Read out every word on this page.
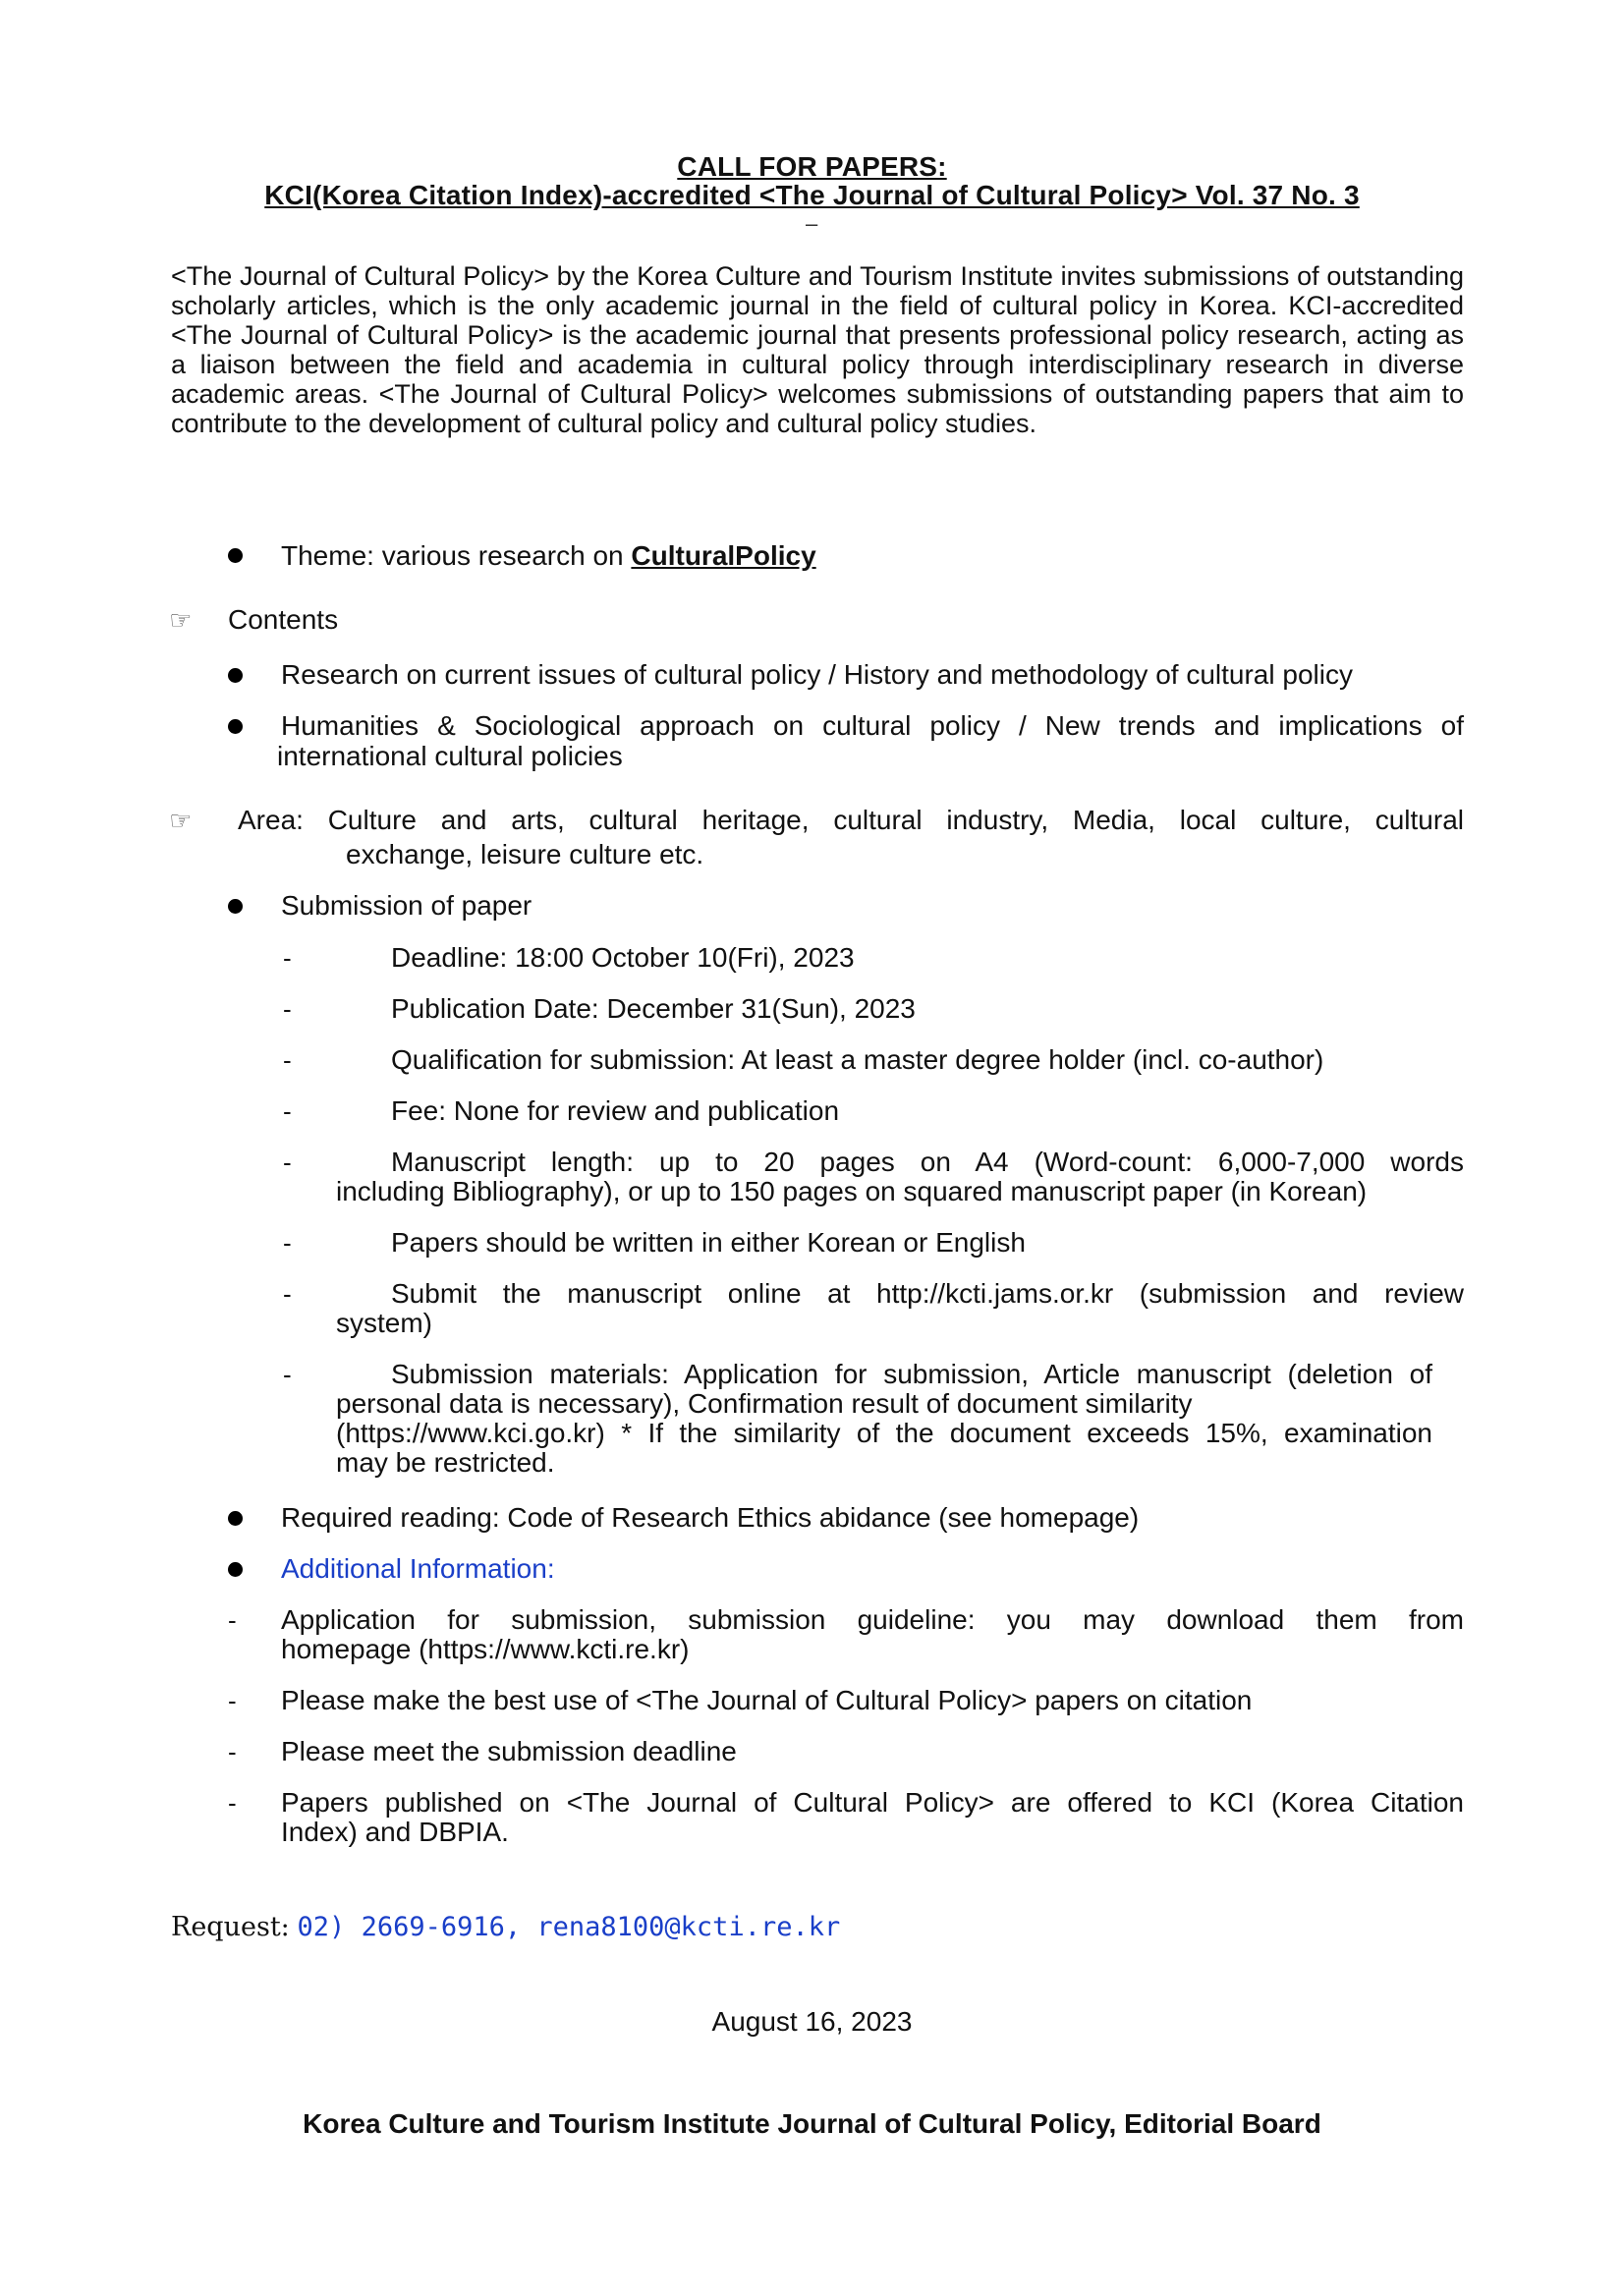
CALL FOR PAPERS:
KCI(Korea Citation Index)-accredited <The Journal of Cultural Policy> Vol. 37 No. 3
–
<The Journal of Cultural Policy> by the Korea Culture and Tourism Institute invites submissions of outstanding scholarly articles, which is the only academic journal in the field of cultural policy in Korea. KCI-accredited <The Journal of Cultural Policy> is the academic journal that presents professional policy research, acting as a liaison between the field and academia in cultural policy through interdisciplinary research in diverse academic areas. <The Journal of Cultural Policy> welcomes submissions of outstanding papers that aim to contribute to the development of cultural policy and cultural policy studies.
Theme: various research on CulturalPolicy
☞ Contents
Research on current issues of cultural policy / History and methodology of cultural policy
Humanities & Sociological approach on cultural policy / New trends and implications of
international cultural policies
☞ Area: Culture and arts, cultural heritage, cultural industry, Media, local culture, cultural
exchange, leisure culture etc.
Submission of paper
-	Deadline: 18:00 October 10(Fri), 2023
-	Publication Date: December 31(Sun), 2023
-	Qualification for submission: At least a master degree holder (incl. co-author)
-	Fee: None for review and publication
-	Manuscript length: up to 20 pages on A4 (Word-count: 6,000-7,000 words
including Bibliography), or up to 150 pages on squared manuscript paper (in Korean)
-	Papers should be written in either Korean or English
-	Submit the manuscript online at http://kcti.jams.or.kr (submission and review
system)
-	Submission materials: Application for submission, Article manuscript (deletion of
personal data is necessary), Confirmation result of document similarity
(https://www.kci.go.kr) * If the similarity of the document exceeds 15%, examination
may be restricted.
Required reading: Code of Research Ethics abidance (see homepage)
Additional Information:
- Application for submission, submission guideline: you may download them from
homepage (https://www.kcti.re.kr)
- Please make the best use of <The Journal of Cultural Policy> papers on citation
- Please meet the submission deadline
- Papers published on <The Journal of Cultural Policy> are offered to KCI (Korea Citation
Index) and DBPIA.
Request: 02) 2669-6916, rena8100@kcti.re.kr
August 16, 2023
Korea Culture and Tourism Institute Journal of Cultural Policy, Editorial Board
